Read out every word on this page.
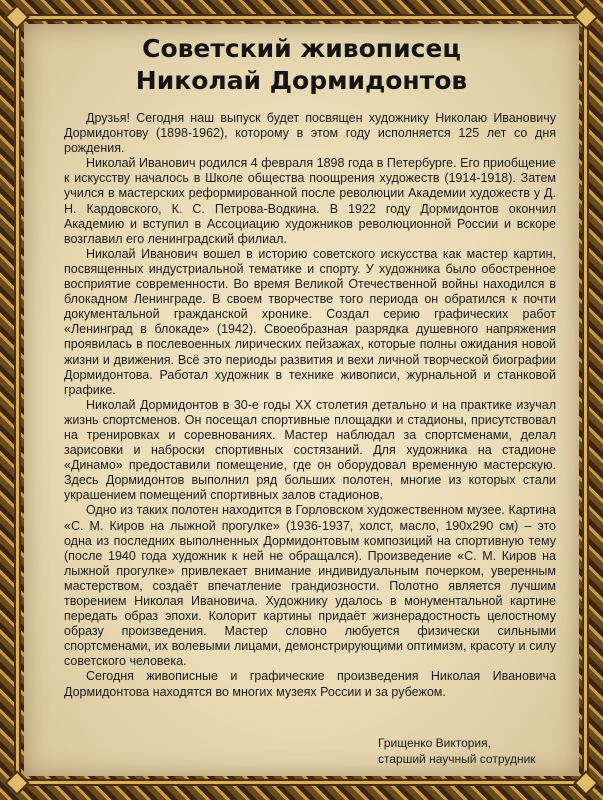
Советский живописец
Николай Дормидонтов

Друзья! Сегодня наш выпуск будет посвящен художнику Николаю Ивановичу Дормидонтову (1898-1962), которому в этом году исполняется 125 лет со дня рождения.

Николай Иванович родился 4 февраля 1898 года в Петербурге. Его приобщение к искусству началось в Школе общества поощрения художеств (1914-1918). Затем учился в мастерских реформированной после революции Академии художеств у Д. Н. Кардовского, К. С. Петрова-Водкина. В 1922 году Дормидонтов окончил Академию и вступил в Ассоциацию художников революционной России и вскоре возглавил его ленинградский филиал.

Николай Иванович вошел в историю советского искусства как мастер картин, посвященных индустриальной тематике и спорту. У художника было обостренное восприятие современности. Во время Великой Отечественной войны находился в блокадном Ленинграде. В своем творчестве того периода он обратился к почти документальной гражданской хронике. Создал серию графических работ «Ленинград в блокаде» (1942). Своеобразная разрядка душевного напряжения проявилась в послевоенных лирических пейзажах, которые полны ожидания новой жизни и движения. Всё это периоды развития и вехи личной творческой биографии Дормидонтова. Работал художник в технике живописи, журнальной и станковой графике.

Николай Дормидонтов в 30-е годы XX столетия детально и на практике изучал жизнь спортсменов. Он посещал спортивные площадки и стадионы, присутствовал на тренировках и соревнованиях. Мастер наблюдал за спортсменами, делал зарисовки и наброски спортивных состязаний. Для художника на стадионе «Динамо» предоставили помещение, где он оборудовал временную мастерскую. Здесь Дормидонтов выполнил ряд больших полотен, многие из которых стали украшением помещений спортивных залов стадионов.

Одно из таких полотен находится в Горловском художественном музее. Картина «С. М. Киров на лыжной прогулке» (1936-1937, холст, масло, 190х290 см) – это одна из последних выполненных Дормидонтовым композиций на спортивную тему (после 1940 года художник к ней не обращался). Произведение «С. М. Киров на лыжной прогулке» привлекает внимание индивидуальным почерком, уверенным мастерством, создаёт впечатление грандиозности. Полотно является лучшим творением Николая Ивановича. Художнику удалось в монументальной картине передать образ эпохи. Колорит картины придаёт жизнерадостность целостному образу произведения. Мастер словно любуется физически сильными спортсменами, их волевыми лицами, демонстрирующими оптимизм, красоту и силу советского человека.

Сегодня живописные и графические произведения Николая Ивановича Дормидонтова находятся во многих музеях России и за рубежом.

Грищенко Виктория,
старший научный сотрудник
